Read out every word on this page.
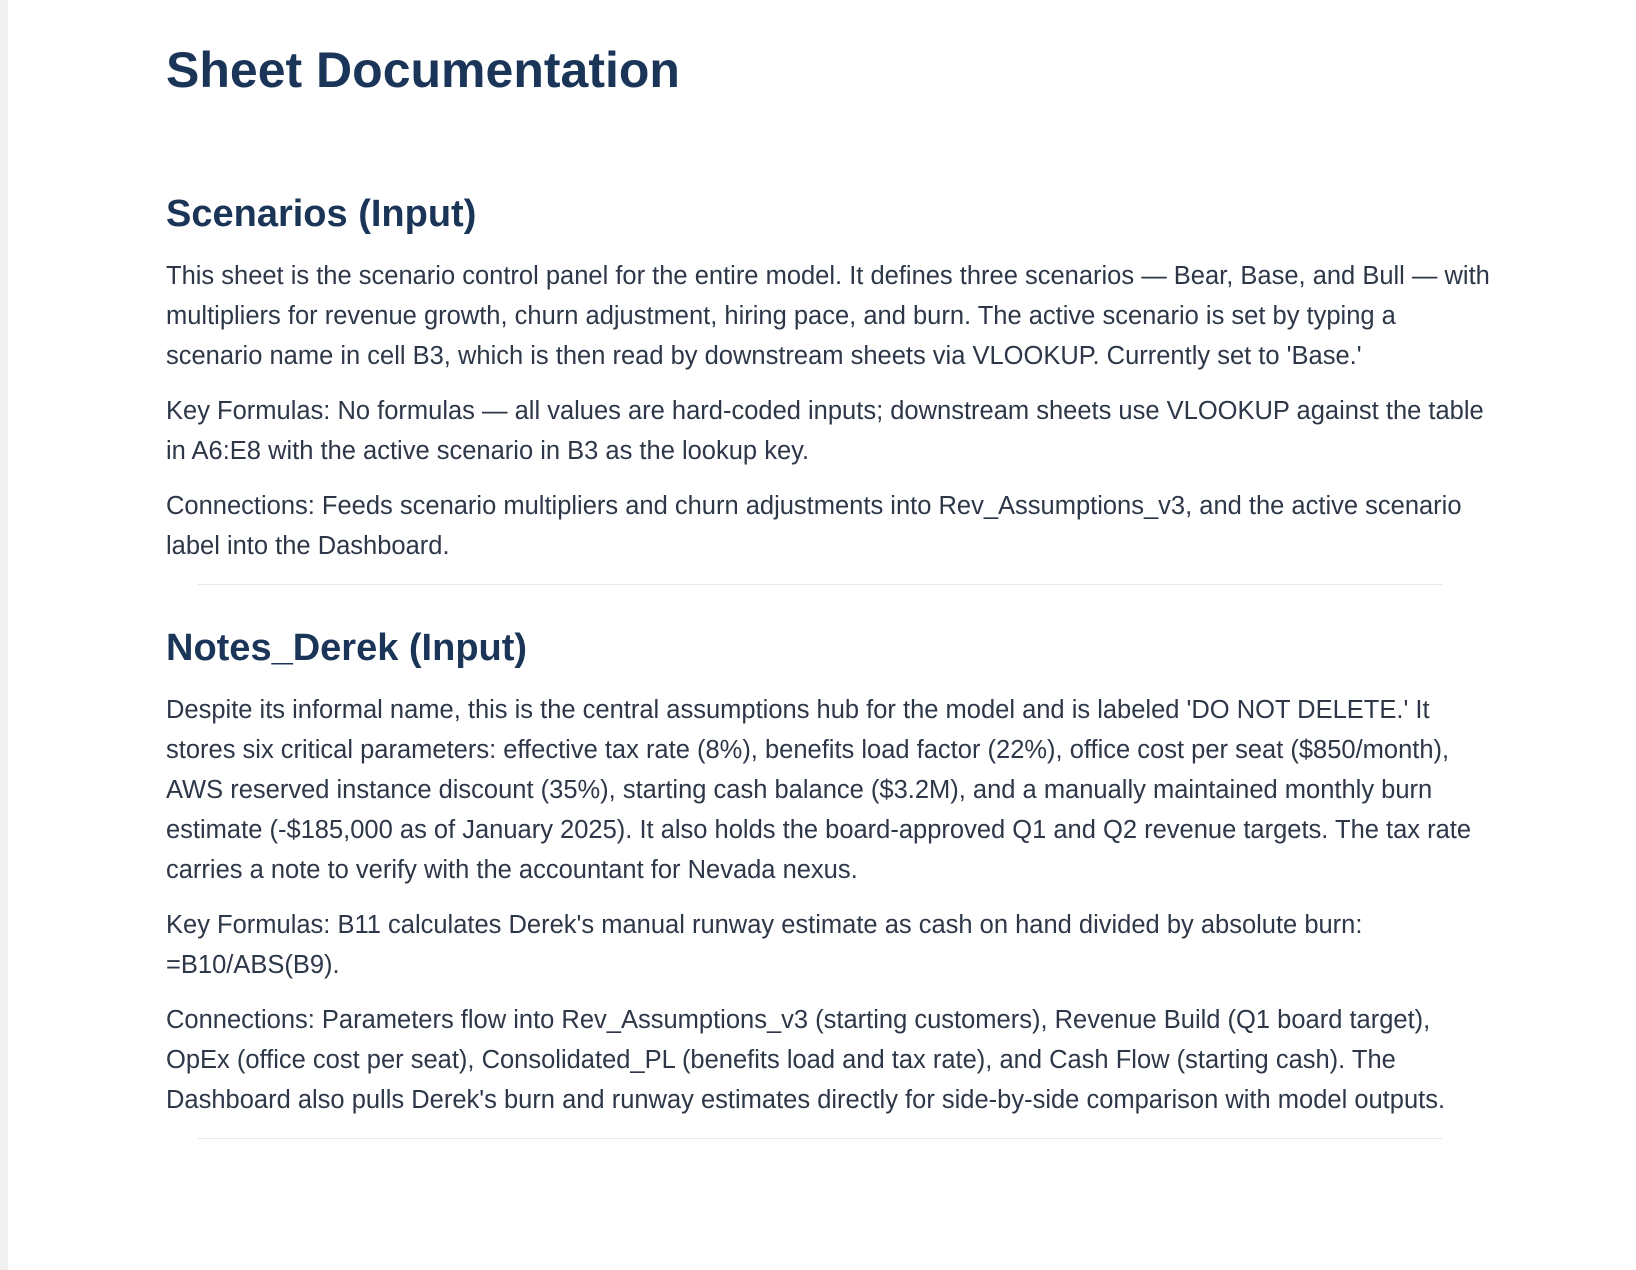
Sheet Documentation
Scenarios (Input)

This sheet is the scenario control panel for the entire model. It defines three scenarios — Bear, Base, and Bull — with multipliers for revenue growth, churn adjustment, hiring pace, and burn. The active scenario is set by typing a scenario name in cell B3, which is then read by downstream sheets via VLOOKUP. Currently set to 'Base.'

Key Formulas: No formulas — all values are hard-coded inputs; downstream sheets use VLOOKUP against the table in A6:E8 with the active scenario in B3 as the lookup key.

Connections: Feeds scenario multipliers and churn adjustments into Rev_Assumptions_v3, and the active scenario label into the Dashboard.

Notes_Derek (Input)

Despite its informal name, this is the central assumptions hub for the model and is labeled 'DO NOT DELETE.' It stores six critical parameters: effective tax rate (8%), benefits load factor (22%), office cost per seat ($850/month), AWS reserved instance discount (35%), starting cash balance ($3.2M), and a manually maintained monthly burn estimate (-$185,000 as of January 2025). It also holds the board-approved Q1 and Q2 revenue targets. The tax rate carries a note to verify with the accountant for Nevada nexus.

Key Formulas: B11 calculates Derek's manual runway estimate as cash on hand divided by absolute burn: =B10/ABS(B9).

Connections: Parameters flow into Rev_Assumptions_v3 (starting customers), Revenue Build (Q1 board target), OpEx (office cost per seat), Consolidated_PL (benefits load and tax rate), and Cash Flow (starting cash). The Dashboard also pulls Derek's burn and runway estimates directly for side-by-side comparison with model outputs.
